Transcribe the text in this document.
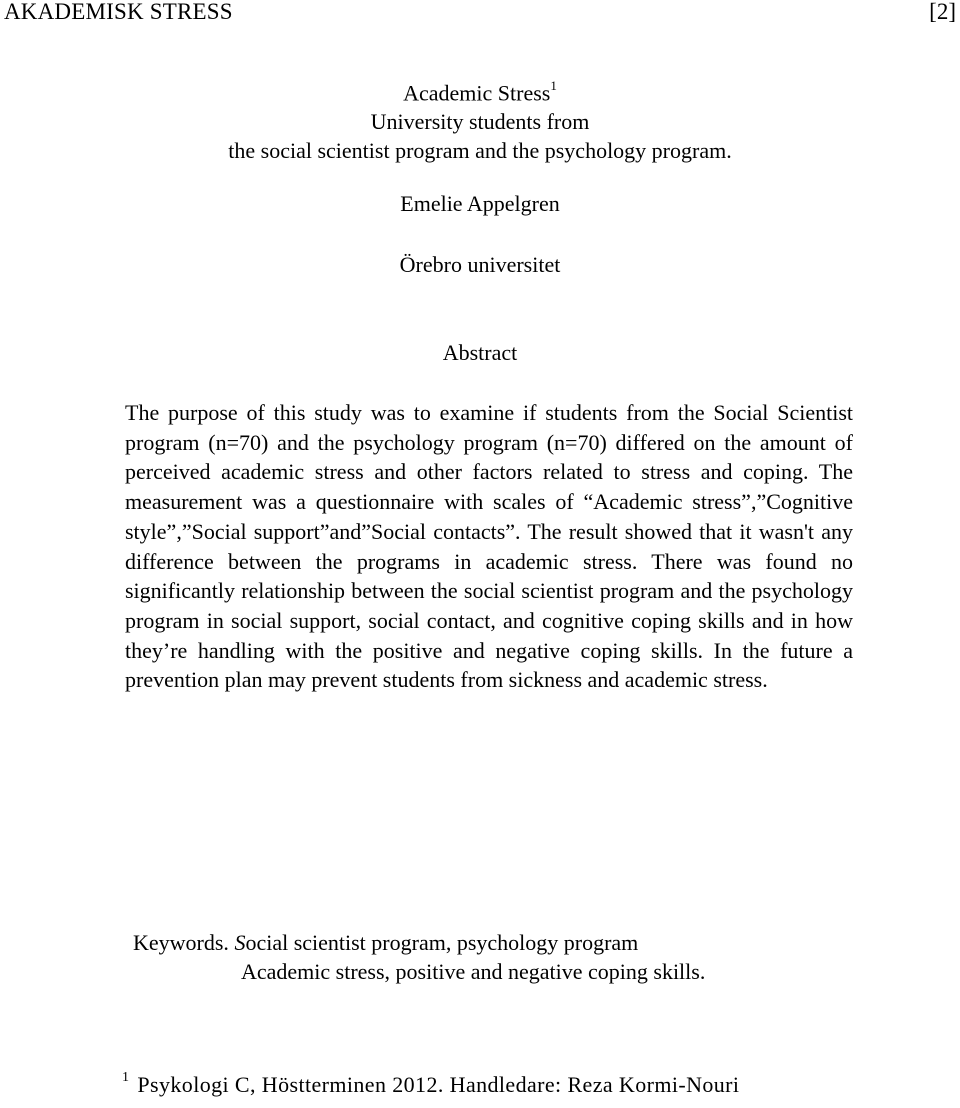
AKADEMISK STRESS	[2]
Academic Stress$^1$
University students from
the social scientist program and the psychology program.
Emelie Appelgren
Örebro universitet
Abstract
The purpose of this study was to examine if students from the Social Scientist program (n=70) and the psychology program (n=70) differed on the amount of perceived academic stress and other factors related to stress and coping. The measurement was a questionnaire with scales of “Academic stress”,”Cognitive style”,”Social support”and”Social contacts”. The result showed that it wasn't any difference between the programs in academic stress. There was found no significantly relationship between the social scientist program and the psychology program in social support, social contact, and cognitive coping skills and in how they’re handling with the positive and negative coping skills. In the future a prevention plan may prevent students from sickness and academic stress.
Keywords. Social scientist program, psychology program
Academic stress, positive and negative coping skills.
$^1$ Psykologi C, Höstterminen 2012. Handledare: Reza Kormi-Nouri
